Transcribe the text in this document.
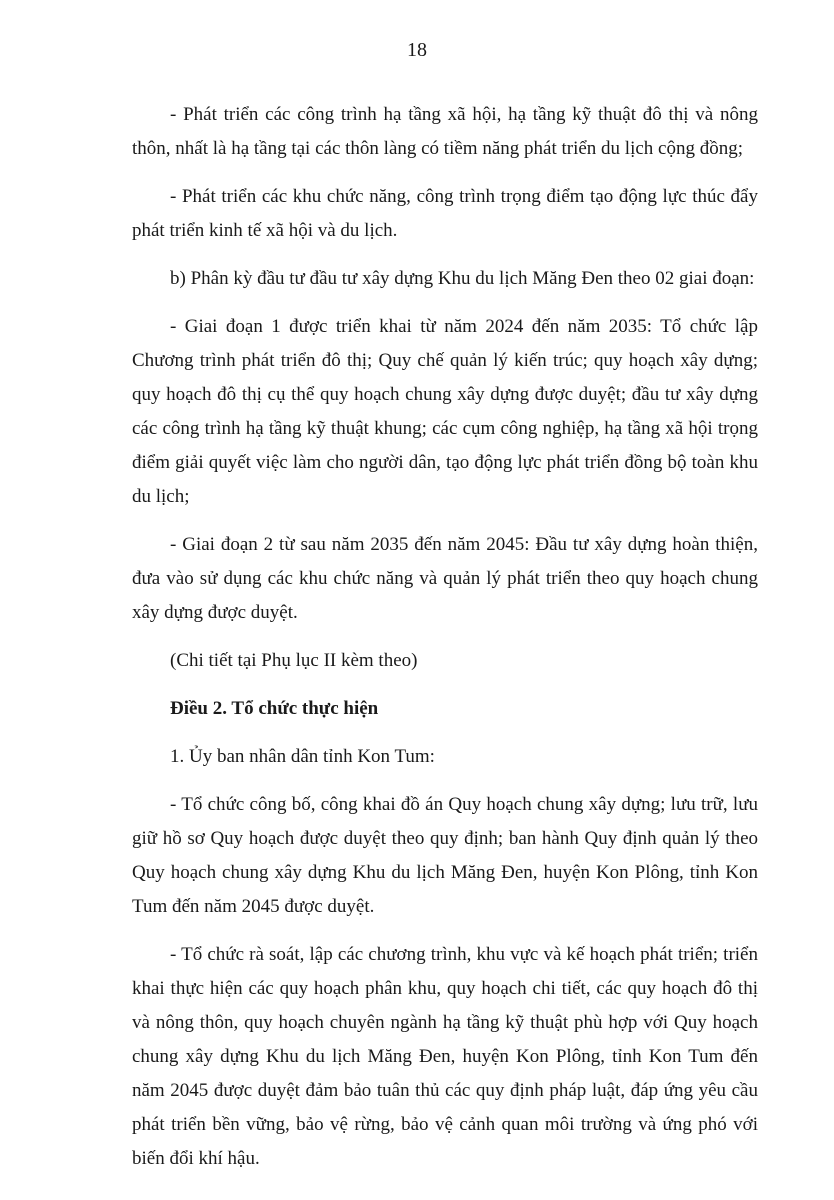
18

- Phát triển các công trình hạ tầng xã hội, hạ tầng kỹ thuật đô thị và nông thôn, nhất là hạ tầng tại các thôn làng có tiềm năng phát triển du lịch cộng đồng;

- Phát triển các khu chức năng, công trình trọng điểm tạo động lực thúc đẩy phát triển kinh tế xã hội và du lịch.

b) Phân kỳ đầu tư đầu tư xây dựng Khu du lịch Măng Đen theo 02 giai đoạn:

- Giai đoạn 1 được triển khai từ năm 2024 đến năm 2035: Tổ chức lập Chương trình phát triển đô thị; Quy chế quản lý kiến trúc; quy hoạch xây dựng; quy hoạch đô thị cụ thể quy hoạch chung xây dựng được duyệt; đầu tư xây dựng các công trình hạ tầng kỹ thuật khung; các cụm công nghiệp, hạ tầng xã hội trọng điểm giải quyết việc làm cho người dân, tạo động lực phát triển đồng bộ toàn khu du lịch;

- Giai đoạn 2 từ sau năm 2035 đến năm 2045: Đầu tư xây dựng hoàn thiện, đưa vào sử dụng các khu chức năng và quản lý phát triển theo quy hoạch chung xây dựng được duyệt.

(Chi tiết tại Phụ lục II kèm theo)

Điều 2. Tổ chức thực hiện

1. Ủy ban nhân dân tỉnh Kon Tum:

- Tổ chức công bố, công khai đồ án Quy hoạch chung xây dựng; lưu trữ, lưu giữ hồ sơ Quy hoạch được duyệt theo quy định; ban hành Quy định quản lý theo Quy hoạch chung xây dựng Khu du lịch Măng Đen, huyện Kon Plông, tỉnh Kon Tum đến năm 2045 được duyệt.

- Tổ chức rà soát, lập các chương trình, khu vực và kế hoạch phát triển; triển khai thực hiện các quy hoạch phân khu, quy hoạch chi tiết, các quy hoạch đô thị và nông thôn, quy hoạch chuyên ngành hạ tầng kỹ thuật phù hợp với Quy hoạch chung xây dựng Khu du lịch Măng Đen, huyện Kon Plông, tỉnh Kon Tum đến năm 2045 được duyệt đảm bảo tuân thủ các quy định pháp luật, đáp ứng yêu cầu phát triển bền vững, bảo vệ rừng, bảo vệ cảnh quan môi trường và ứng phó với biến đổi khí hậu.
